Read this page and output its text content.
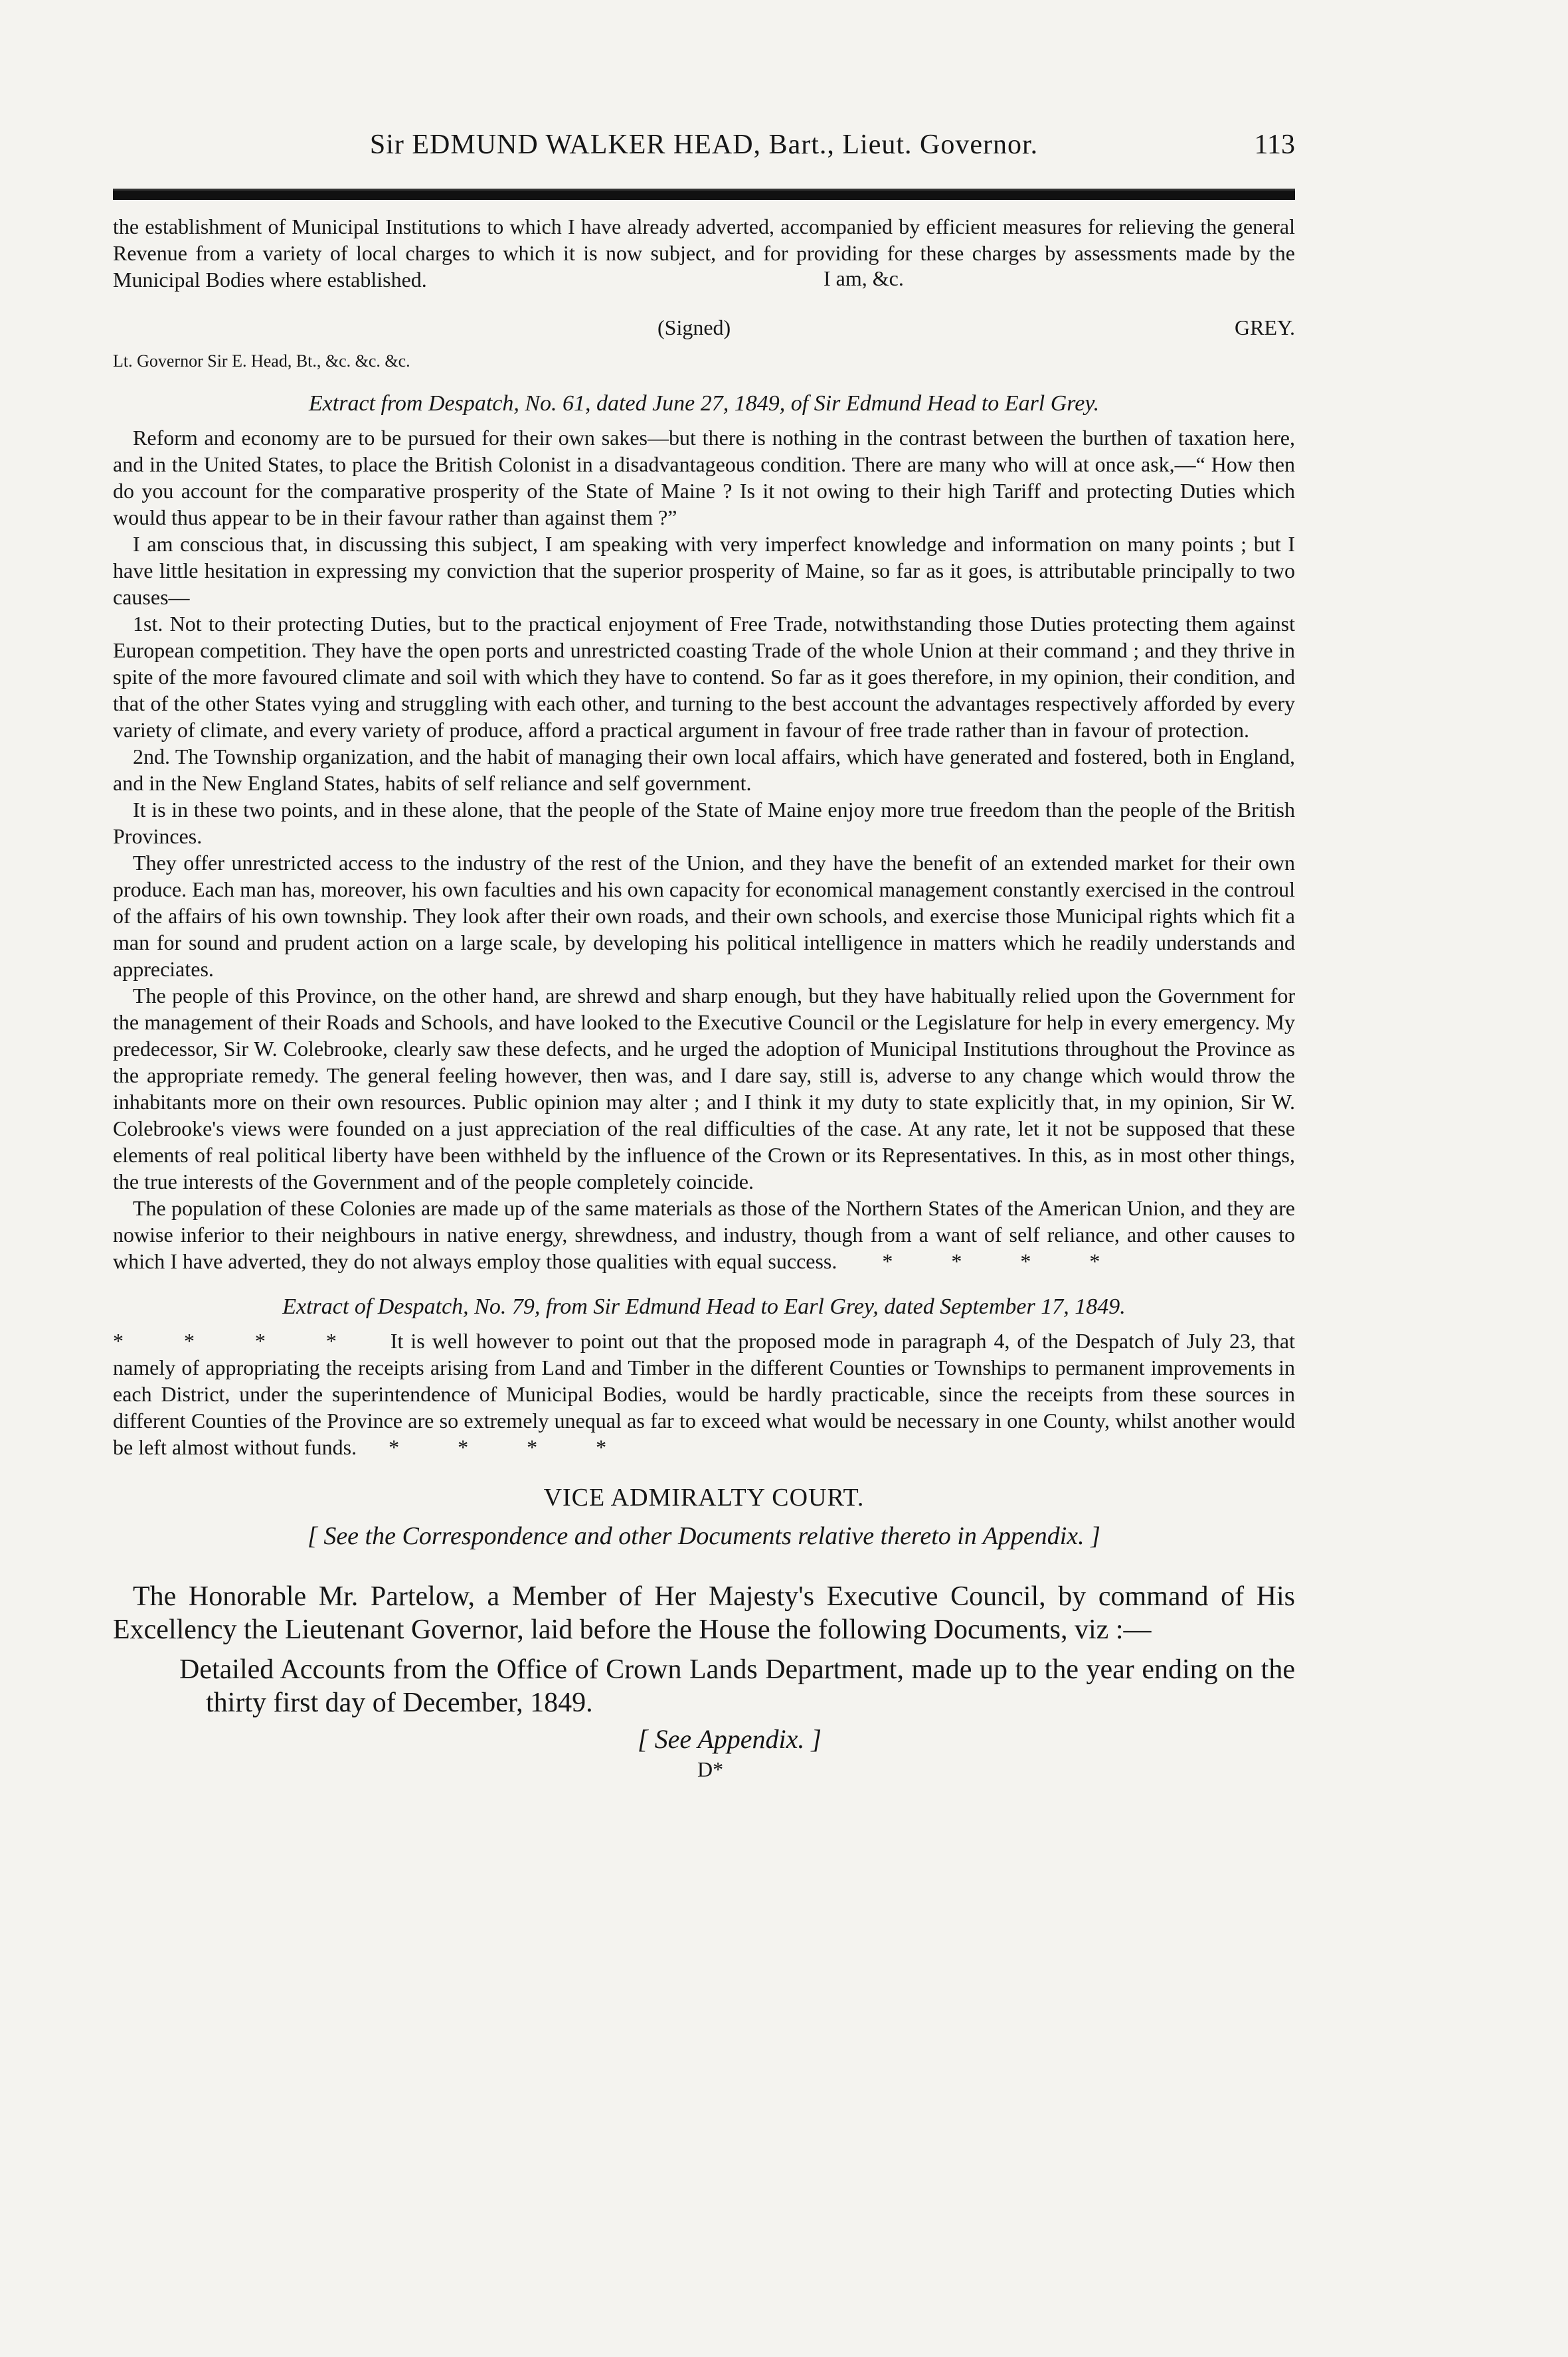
Sir EDMUND WALKER HEAD, Bart., Lieut. Governor.	113

the establishment of Municipal Institutions to which I have already adverted, accompanied by efficient measures for relieving the general Revenue from a variety of local charges to which it is now subject, and for providing for these charges by assessments made by the Municipal Bodies where established.	I am, &c.
(Signed)	GREY.
Lt. Governor Sir E. Head, Bt., &c. &c. &c.
Extract from Despatch, No. 61, dated June 27, 1849, of Sir Edmund Head to Earl Grey.

Reform and economy are to be pursued for their own sakes—but there is nothing in the contrast between the burthen of taxation here, and in the United States, to place the British Colonist in a disadvantageous condition. There are many who will at once ask,—“ How then do you account for the comparative prosperity of the State of Maine ? Is it not owing to their high Tariff and protecting Duties which would thus appear to be in their favour rather than against them ?”

I am conscious that, in discussing this subject, I am speaking with very imperfect knowledge and information on many points ; but I have little hesitation in expressing my conviction that the superior prosperity of Maine, so far as it goes, is attributable principally to two causes—

1st. Not to their protecting Duties, but to the practical enjoyment of Free Trade, notwithstanding those Duties protecting them against European competition. They have the open ports and unrestricted coasting Trade of the whole Union at their command ; and they thrive in spite of the more favoured climate and soil with which they have to contend. So far as it goes therefore, in my opinion, their condition, and that of the other States vying and struggling with each other, and turning to the best account the advantages respectively afforded by every variety of climate, and every variety of produce, afford a practical argument in favour of free trade rather than in favour of protection.

2nd. The Township organization, and the habit of managing their own local affairs, which have generated and fostered, both in England, and in the New England States, habits of self reliance and self government.

It is in these two points, and in these alone, that the people of the State of Maine enjoy more true freedom than the people of the British Provinces.

They offer unrestricted access to the industry of the rest of the Union, and they have the benefit of an extended market for their own produce. Each man has, moreover, his own faculties and his own capacity for economical management constantly exercised in the controul of the affairs of his own township. They look after their own roads, and their own schools, and exercise those Municipal rights which fit a man for sound and prudent action on a large scale, by developing his political intelligence in matters which he readily understands and appreciates.

The people of this Province, on the other hand, are shrewd and sharp enough, but they have habitually relied upon the Government for the management of their Roads and Schools, and have looked to the Executive Council or the Legislature for help in every emergency. My predecessor, Sir W. Colebrooke, clearly saw these defects, and he urged the adoption of Municipal Institutions throughout the Province as the appropriate remedy. The general feeling however, then was, and I dare say, still is, adverse to any change which would throw the inhabitants more on their own resources. Public opinion may alter ; and I think it my duty to state explicitly that, in my opinion, Sir W. Colebrooke's views were founded on a just appreciation of the real difficulties of the case. At any rate, let it not be supposed that these elements of real political liberty have been withheld by the influence of the Crown or its Representatives. In this, as in most other things, the true interests of the Government and of the people completely coincide.

The population of these Colonies are made up of the same materials as those of the Northern States of the American Union, and they are nowise inferior to their neighbours in native energy, shrewdness, and industry, though from a want of self reliance, and other causes to which I have adverted, they do not always employ those qualities with equal success. * * * *

Extract of Despatch, No. 79, from Sir Edmund Head to Earl Grey, dated September 17, 1849.

* * * * It is well however to point out that the proposed mode in paragraph 4, of the Despatch of July 23, that namely of appropriating the receipts arising from Land and Timber in the different Counties or Townships to permanent improvements in each District, under the superintendence of Municipal Bodies, would be hardly practicable, since the receipts from these sources in different Counties of the Province are so extremely unequal as far to exceed what would be necessary in one County, whilst another would be left almost without funds. * * * *

VICE ADMIRALTY COURT.
[ See the Correspondence and other Documents relative thereto in Appendix. ]

The Honorable Mr. Partelow, a Member of Her Majesty's Executive Council, by command of His Excellency the Lieutenant Governor, laid before the House the following Documents, viz :—

Detailed Accounts from the Office of Crown Lands Department, made up to the year ending on the thirty first day of December, 1849.

[ See Appendix. ]
D*
